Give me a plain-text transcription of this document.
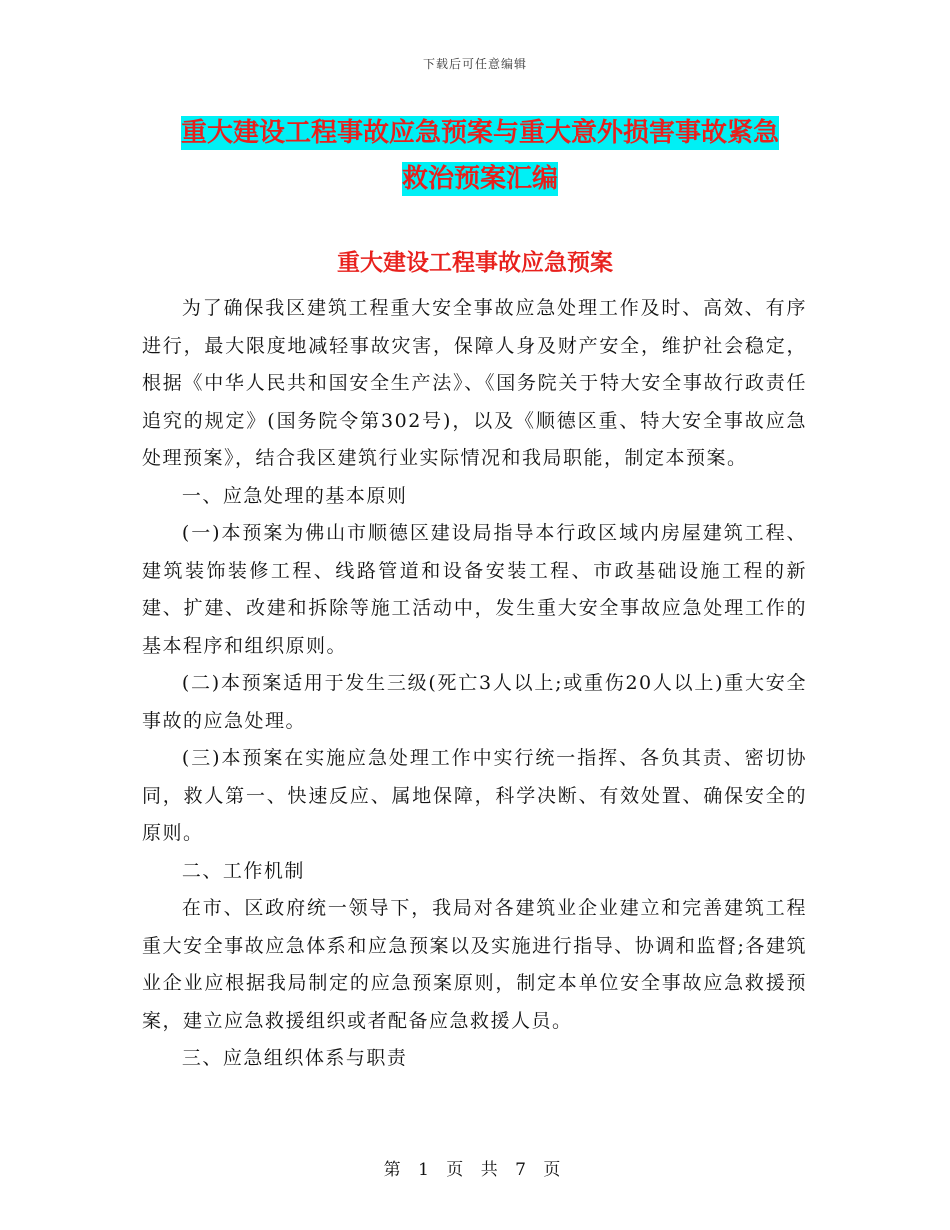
下载后可任意编辑
重大建设工程事故应急预案与重大意外损害事故紧急
救治预案汇编
重大建设工程事故应急预案

为了确保我区建筑工程重大安全事故应急处理工作及时、高效、有序进行，最大限度地减轻事故灾害，保障人身及财产安全，维护社会稳定，根据《中华人民共和国安全生产法》、《国务院关于特大安全事故行政责任追究的规定》(国务院令第302号)，以及《顺德区重、特大安全事故应急处理预案》，结合我区建筑行业实际情况和我局职能，制定本预案。

一、应急处理的基本原则

(一)本预案为佛山市顺德区建设局指导本行政区域内房屋建筑工程、建筑装饰装修工程、线路管道和设备安装工程、市政基础设施工程的新建、扩建、改建和拆除等施工活动中，发生重大安全事故应急处理工作的基本程序和组织原则。

(二)本预案适用于发生三级(死亡3人以上;或重伤20人以上)重大安全事故的应急处理。

(三)本预案在实施应急处理工作中实行统一指挥、各负其责、密切协同，救人第一、快速反应、属地保障，科学决断、有效处置、确保安全的原则。

二、工作机制

在市、区政府统一领导下，我局对各建筑业企业建立和完善建筑工程重大安全事故应急体系和应急预案以及实施进行指导、协调和监督;各建筑业企业应根据我局制定的应急预案原则，制定本单位安全事故应急救援预案，建立应急救援组织或者配备应急救援人员。

三、应急组织体系与职责

第 1 页 共 7 页
